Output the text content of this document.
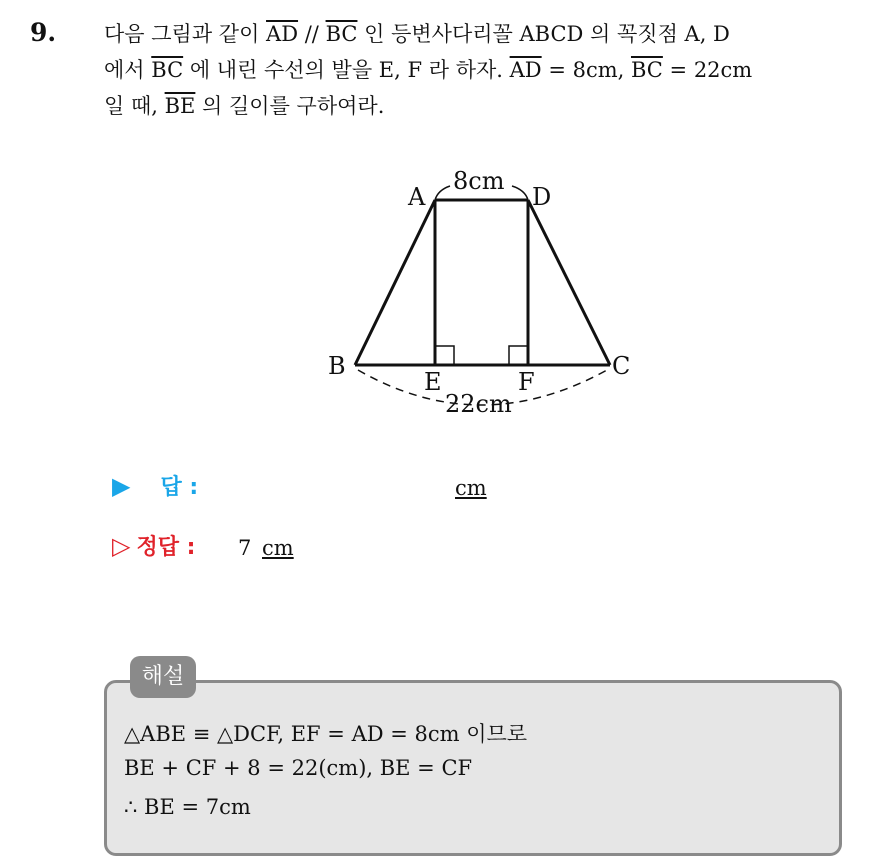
9. 다음 그림과 같이 $\overline{AD} // \overline{BC}$ 인 등변사다리꼴 ABCD 의 꼭짓점 A, D
에서 $\overline{BC}$ 에 내린 수선의 발을 E, F 라 하자. $\overline{AD} = 8cm$, $\overline{BC} = 22cm$
일 때, $\overline{BE}$ 의 길이를 구하여라.
A	D
B	C
E	F
8cm
22cm
▶ 답 :	cm
▷ 정답 : 7 cm
해설
△ABE ≡ △DCF, EF = AD = 8cm 이므로
BE + CF + 8 = 22(cm), BE = CF
∴ BE = 7cm
